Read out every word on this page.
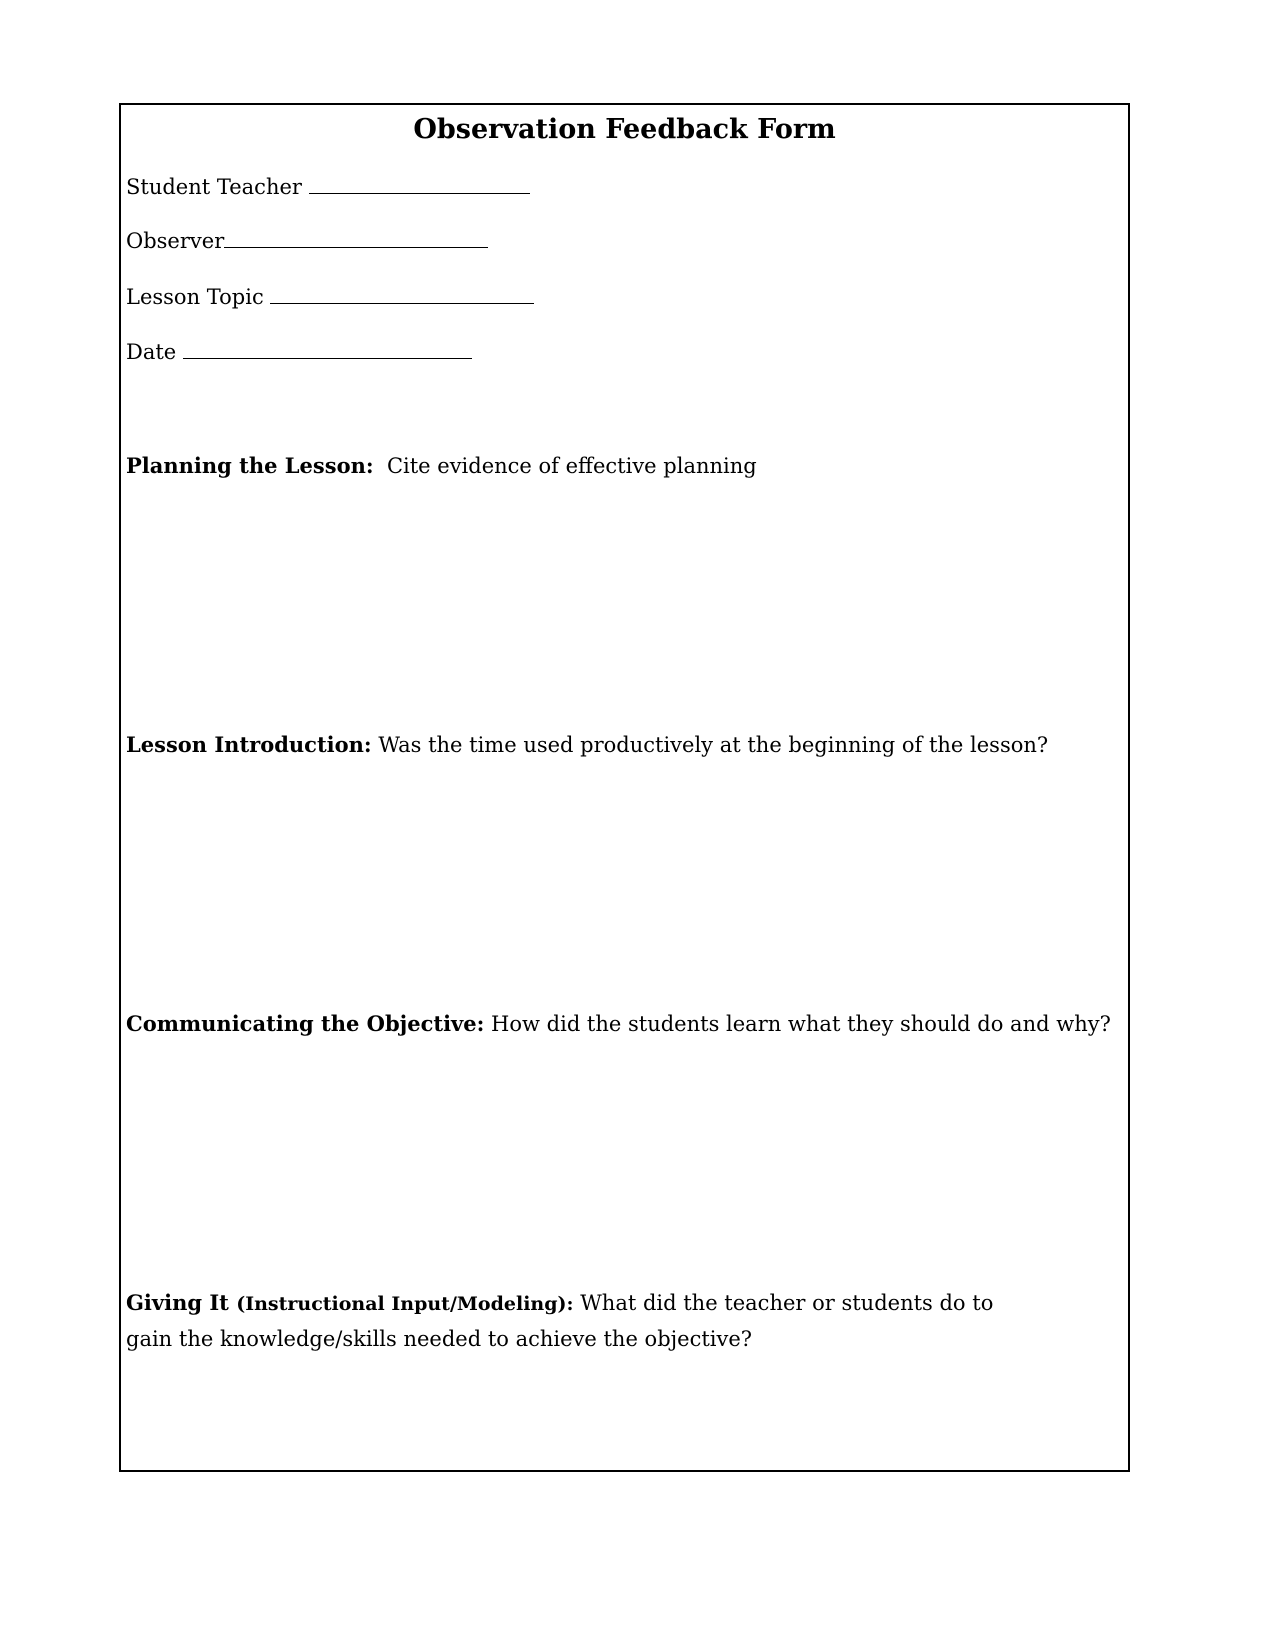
Observation Feedback Form
Student Teacher
Observer
Lesson Topic
Date
Planning the Lesson:  Cite evidence of effective planning
Lesson Introduction: Was the time used productively at the beginning of the lesson?
Communicating the Objective: How did the students learn what they should do and why?
Giving It (Instructional Input/Modeling): What did the teacher or students do to gain the knowledge/skills needed to achieve the objective?
